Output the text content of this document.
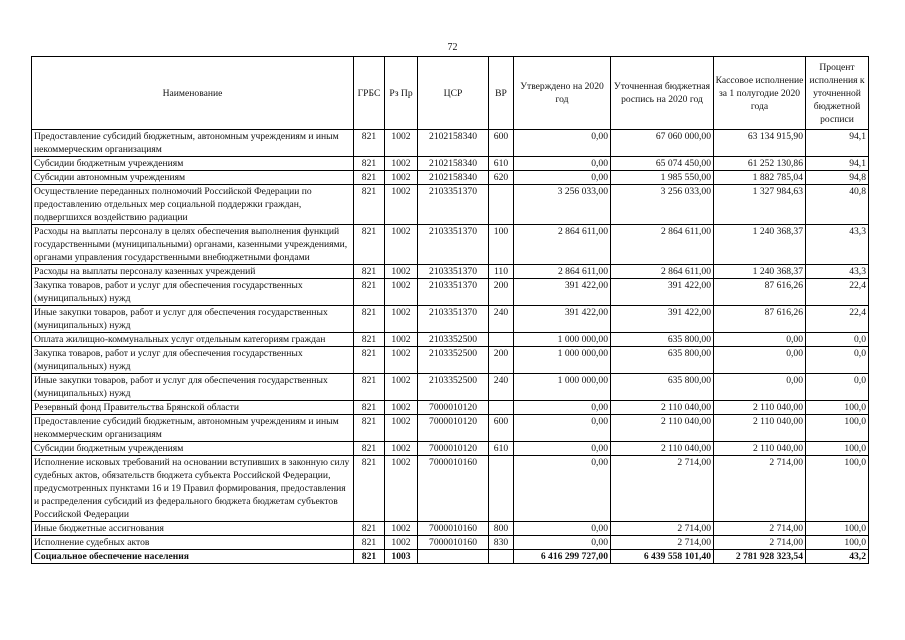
72
Наименование	ГРБС	Рз Пр	ЦСР	ВР	Утверждено на 2020 год	Уточненная бюджетная роспись на 2020 год	Кассовое исполнение за 1 полугодие 2020 года	Процент исполнения к уточненной бюджетной росписи
Предоставление субсидий бюджетным, автономным учреждениям и иным некоммерческим организациям	821	1002	2102158340	600	0,00	67 060 000,00	63 134 915,90	94,1
Субсидии бюджетным учреждениям	821	1002	2102158340	610	0,00	65 074 450,00	61 252 130,86	94,1
Субсидии автономным учреждениям	821	1002	2102158340	620	0,00	1 985 550,00	1 882 785,04	94,8
Осуществление переданных полномочий Российской Федерации по предоставлению отдельных мер социальной поддержки граждан, подвергшихся воздействию радиации	821	1002	2103351370		3 256 033,00	3 256 033,00	1 327 984,63	40,8
Расходы на выплаты персоналу в целях обеспечения выполнения функций государственными (муниципальными) органами, казенными учреждениями, органами управления государственными внебюджетными фондами	821	1002	2103351370	100	2 864 611,00	2 864 611,00	1 240 368,37	43,3
Расходы на выплаты персоналу казенных учреждений	821	1002	2103351370	110	2 864 611,00	2 864 611,00	1 240 368,37	43,3
Закупка товаров, работ и услуг для обеспечения государственных (муниципальных) нужд	821	1002	2103351370	200	391 422,00	391 422,00	87 616,26	22,4
Иные закупки товаров, работ и услуг для обеспечения государственных (муниципальных) нужд	821	1002	2103351370	240	391 422,00	391 422,00	87 616,26	22,4
Оплата жилищно-коммунальных услуг отдельным категориям граждан	821	1002	2103352500		1 000 000,00	635 800,00	0,00	0,0
Закупка товаров, работ и услуг для обеспечения государственных (муниципальных) нужд	821	1002	2103352500	200	1 000 000,00	635 800,00	0,00	0,0
Иные закупки товаров, работ и услуг для обеспечения государственных (муниципальных) нужд	821	1002	2103352500	240	1 000 000,00	635 800,00	0,00	0,0
Резервный фонд Правительства Брянской области	821	1002	7000010120		0,00	2 110 040,00	2 110 040,00	100,0
Предоставление субсидий бюджетным, автономным учреждениям и иным некоммерческим организациям	821	1002	7000010120	600	0,00	2 110 040,00	2 110 040,00	100,0
Субсидии бюджетным учреждениям	821	1002	7000010120	610	0,00	2 110 040,00	2 110 040,00	100,0
Исполнение исковых требований на основании вступивших в законную силу судебных актов, обязательств бюджета субъекта Российской Федерации, предусмотренных пунктами 16 и 19 Правил формирования, предоставления и распределения субсидий из федерального бюджета бюджетам субъектов Российской Федерации	821	1002	7000010160		0,00	2 714,00	2 714,00	100,0
Иные бюджетные ассигнования	821	1002	7000010160	800	0,00	2 714,00	2 714,00	100,0
Исполнение судебных актов	821	1002	7000010160	830	0,00	2 714,00	2 714,00	100,0
Социальное обеспечение населения	821	1003			6 416 299 727,00	6 439 558 101,40	2 781 928 323,54	43,2
